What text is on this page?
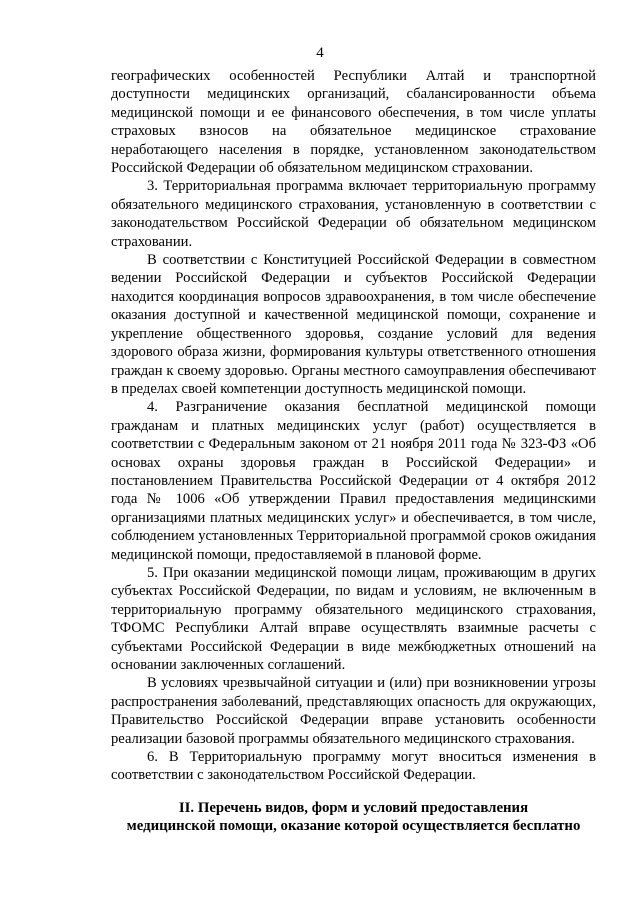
4

географических особенностей Республики Алтай и транспортной доступности медицинских организаций, сбалансированности объема медицинской помощи и ее финансового обеспечения, в том числе уплаты страховых взносов на обязательное медицинское страхование неработающего населения в порядке, установленном законодательством Российской Федерации об обязательном медицинском страховании.

3. Территориальная программа включает территориальную программу обязательного медицинского страхования, установленную в соответствии с законодательством Российской Федерации об обязательном медицинском страховании.

В соответствии с Конституцией Российской Федерации в совместном ведении Российской Федерации и субъектов Российской Федерации находится координация вопросов здравоохранения, в том числе обеспечение оказания доступной и качественной медицинской помощи, сохранение и укрепление общественного здоровья, создание условий для ведения здорового образа жизни, формирования культуры ответственного отношения граждан к своему здоровью. Органы местного самоуправления обеспечивают в пределах своей компетенции доступность медицинской помощи.

4. Разграничение оказания бесплатной медицинской помощи гражданам и платных медицинских услуг (работ) осуществляется в соответствии с Федеральным законом от 21 ноября 2011 года № 323-ФЗ «Об основах охраны здоровья граждан в Российской Федерации» и постановлением Правительства Российской Федерации от 4 октября 2012 года № 1006 «Об утверждении Правил предоставления медицинскими организациями платных медицинских услуг» и обеспечивается, в том числе, соблюдением установленных Территориальной программой сроков ожидания медицинской помощи, предоставляемой в плановой форме.

5. При оказании медицинской помощи лицам, проживающим в других субъектах Российской Федерации, по видам и условиям, не включенным в территориальную программу обязательного медицинского страхования, ТФОМС Республики Алтай вправе осуществлять взаимные расчеты с субъектами Российской Федерации в виде межбюджетных отношений на основании заключенных соглашений.

В условиях чрезвычайной ситуации и (или) при возникновении угрозы распространения заболеваний, представляющих опасность для окружающих, Правительство Российской Федерации вправе установить особенности реализации базовой программы обязательного медицинского страхования.

6. В Территориальную программу могут вноситься изменения в соответствии с законодательством Российской Федерации.

II. Перечень видов, форм и условий предоставления
медицинской помощи, оказание которой осуществляется бесплатно
